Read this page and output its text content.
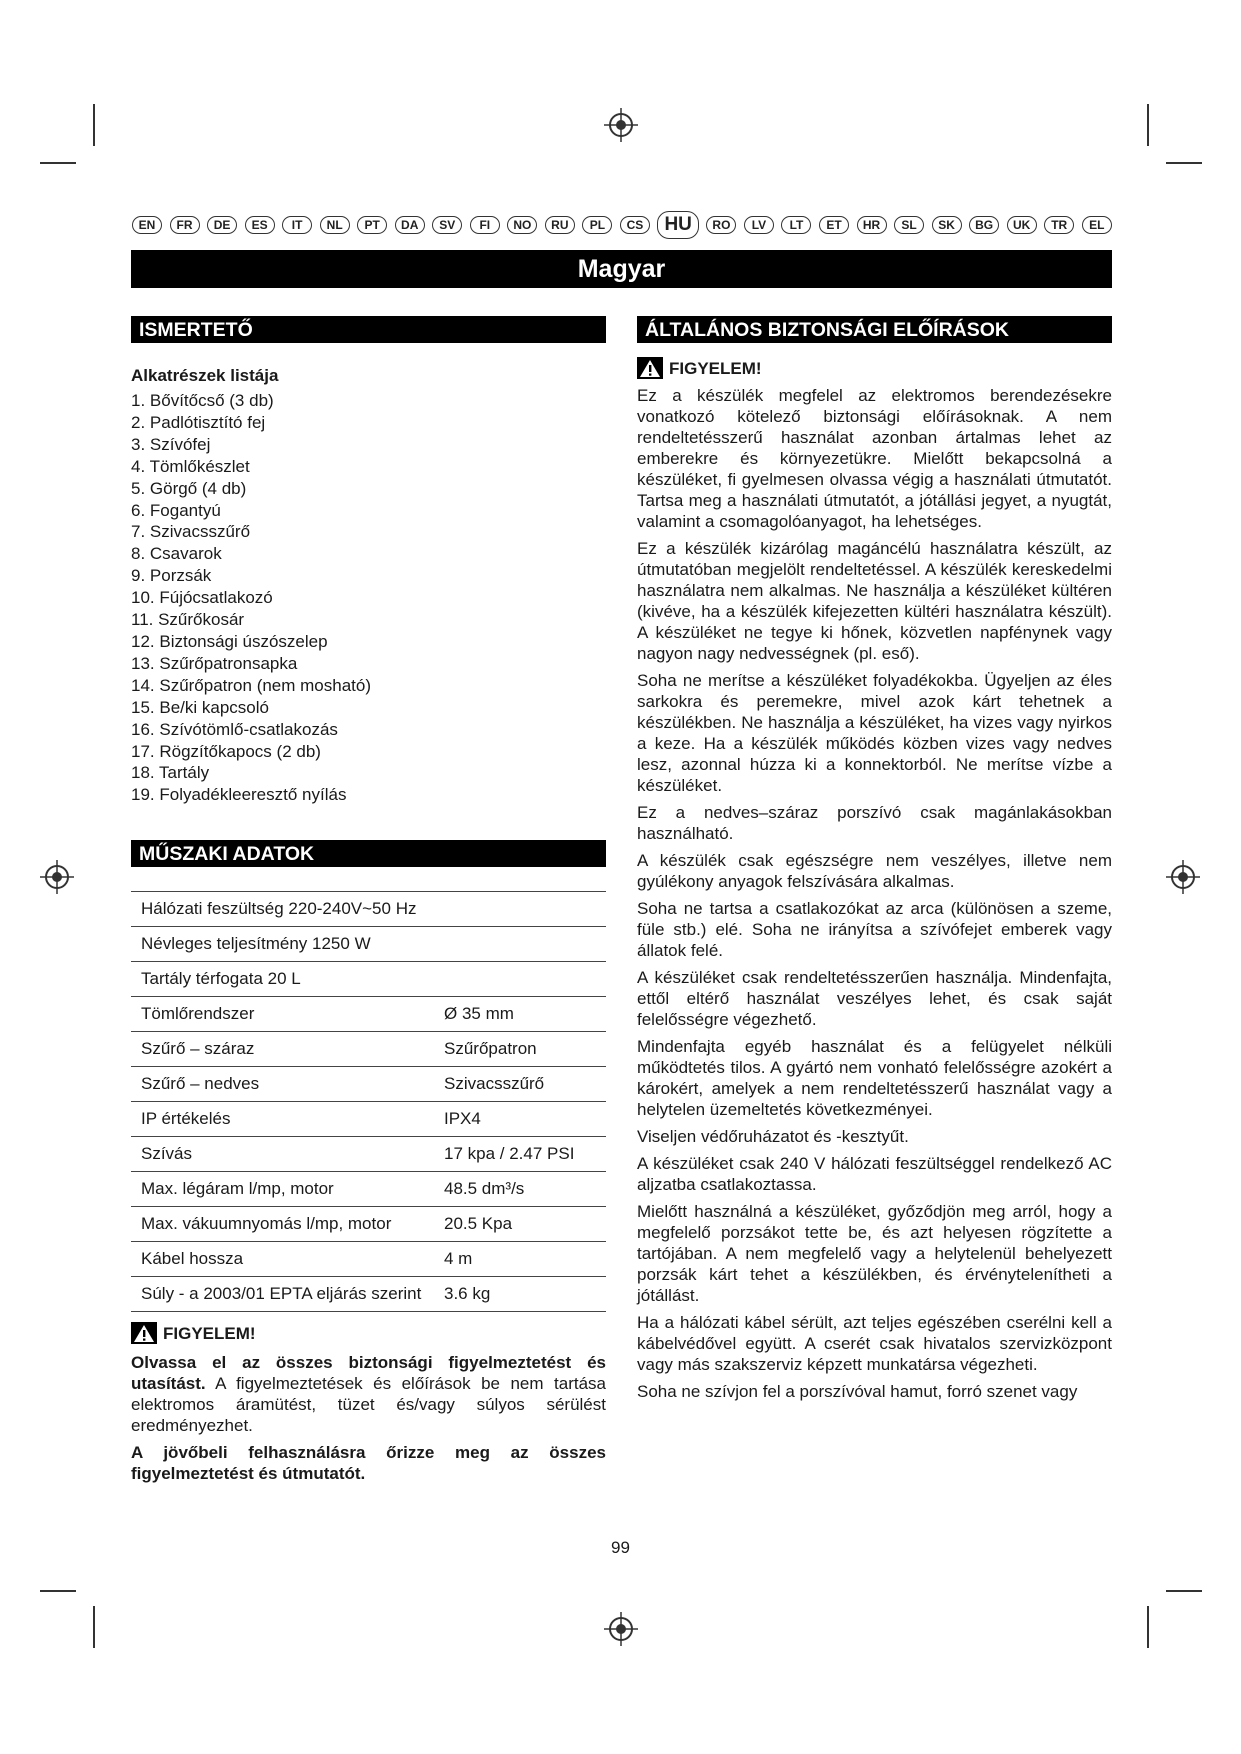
EN	FR	DE	ES	IT	NL	PT	DA	SV	FI	NO	RU	PL	CS	HU	RO	LV	LT	ET	HR	SL	SK	BG	UK	TR	EL
Magyar
ISMERTETŐ
Alkatrészek listája
1. Bővítőcső (3 db)
2. Padlótisztító fej
3. Szívófej
4. Tömlőkészlet
5. Görgő (4 db)
6. Fogantyú
7. Szivacsszűrő
8. Csavarok
9. Porzsák
10. Fújócsatlakozó
11. Szűrőkosár
12. Biztonsági úszószelep
13. Szűrőpatronsapka
14. Szűrőpatron (nem mosható)
15. Be/ki kapcsoló
16. Szívótömlő-csatlakozás
17. Rögzítőkapocs (2 db)
18. Tartály
19. Folyadékleeresztő nyílás
MŰSZAKI ADATOK
Hálózati feszültség 220-240V~50 Hz	
Névleges teljesítmény 1250 W	
Tartály térfogata 20 L	
Tömlőrendszer	Ø 35 mm
Szűrő – száraz	Szűrőpatron
Szűrő – nedves	Szivacsszűrő
IP értékelés	IPX4
Szívás	17 kpa / 2.47 PSI
Max. légáram l/mp, motor	48.5 dm³/s
Max. vákuumnyomás l/mp, motor	20.5 Kpa
Kábel hossza	4 m
Súly - a 2003/01 EPTA eljárás szerint	3.6 kg
FIGYELEM!

Olvassa el az összes biztonsági figyelmeztetést és utasítást. A figyelmeztetések és előírások be nem tartása elektromos áramütést, tüzet és/vagy súlyos sérülést eredményezhet.

A jövőbeli felhasználásra őrizze meg az összes figyelmeztetést és útmutatót.

ÁLTALÁNOS BIZTONSÁGI ELŐÍRÁSOK
FIGYELEM!

Ez a készülék megfelel az elektromos berendezésekre vonatkozó kötelező biztonsági előírásoknak. A nem rendeltetésszerű használat azonban ártalmas lehet az emberekre és környezetükre. Mielőtt bekapcsolná a készüléket, fi gyelmesen olvassa végig a használati útmutatót. Tartsa meg a használati útmutatót, a jótállási jegyet, a nyugtát, valamint a csomagolóanyagot, ha lehetséges.

Ez a készülék kizárólag magáncélú használatra készült, az útmutatóban megjelölt rendeltetéssel. A készülék kereskedelmi használatra nem alkalmas. Ne használja a készüléket kültéren (kivéve, ha a készülék kifejezetten kültéri használatra készült). A készüléket ne tegye ki hőnek, közvetlen napfénynek vagy nagyon nagy nedvességnek (pl. eső).

Soha ne merítse a készüléket folyadékokba. Ügyeljen az éles sarkokra és peremekre, mivel azok kárt tehetnek a készülékben. Ne használja a készüléket, ha vizes vagy nyirkos a keze. Ha a készülék működés közben vizes vagy nedves lesz, azonnal húzza ki a konnektorból. Ne merítse vízbe a készüléket.

Ez a nedves–száraz porszívó csak magánlakásokban használható.

A készülék csak egészségre nem veszélyes, illetve nem gyúlékony anyagok felszívására alkalmas.

Soha ne tartsa a csatlakozókat az arca (különösen a szeme, füle stb.) elé. Soha ne irányítsa a szívófejet emberek vagy állatok felé.

A készüléket csak rendeltetésszerűen használja. Mindenfajta, ettől eltérő használat veszélyes lehet, és csak saját felelősségre végezhető.

Mindenfajta egyéb használat és a felügyelet nélküli működtetés tilos. A gyártó nem vonható felelősségre azokért a károkért, amelyek a nem rendeltetésszerű használat vagy a helytelen üzemeltetés következményei.

Viseljen védőruházatot és -kesztyűt.

A készüléket csak 240 V hálózati feszültséggel rendelkező AC aljzatba csatlakoztassa.

Mielőtt használná a készüléket, győződjön meg arról, hogy a megfelelő porzsákot tette be, és azt helyesen rögzítette a tartójában. A nem megfelelő vagy a helytelenül behelyezett porzsák kárt tehet a készülékben, és érvénytelenítheti a jótállást.

Ha a hálózati kábel sérült, azt teljes egészében cserélni kell a kábelvédővel együtt. A cserét csak hivatalos szervizközpont vagy más szakszerviz képzett munkatársa végezheti.

Soha ne szívjon fel a porszívóval hamut, forró szenet vagy

99
